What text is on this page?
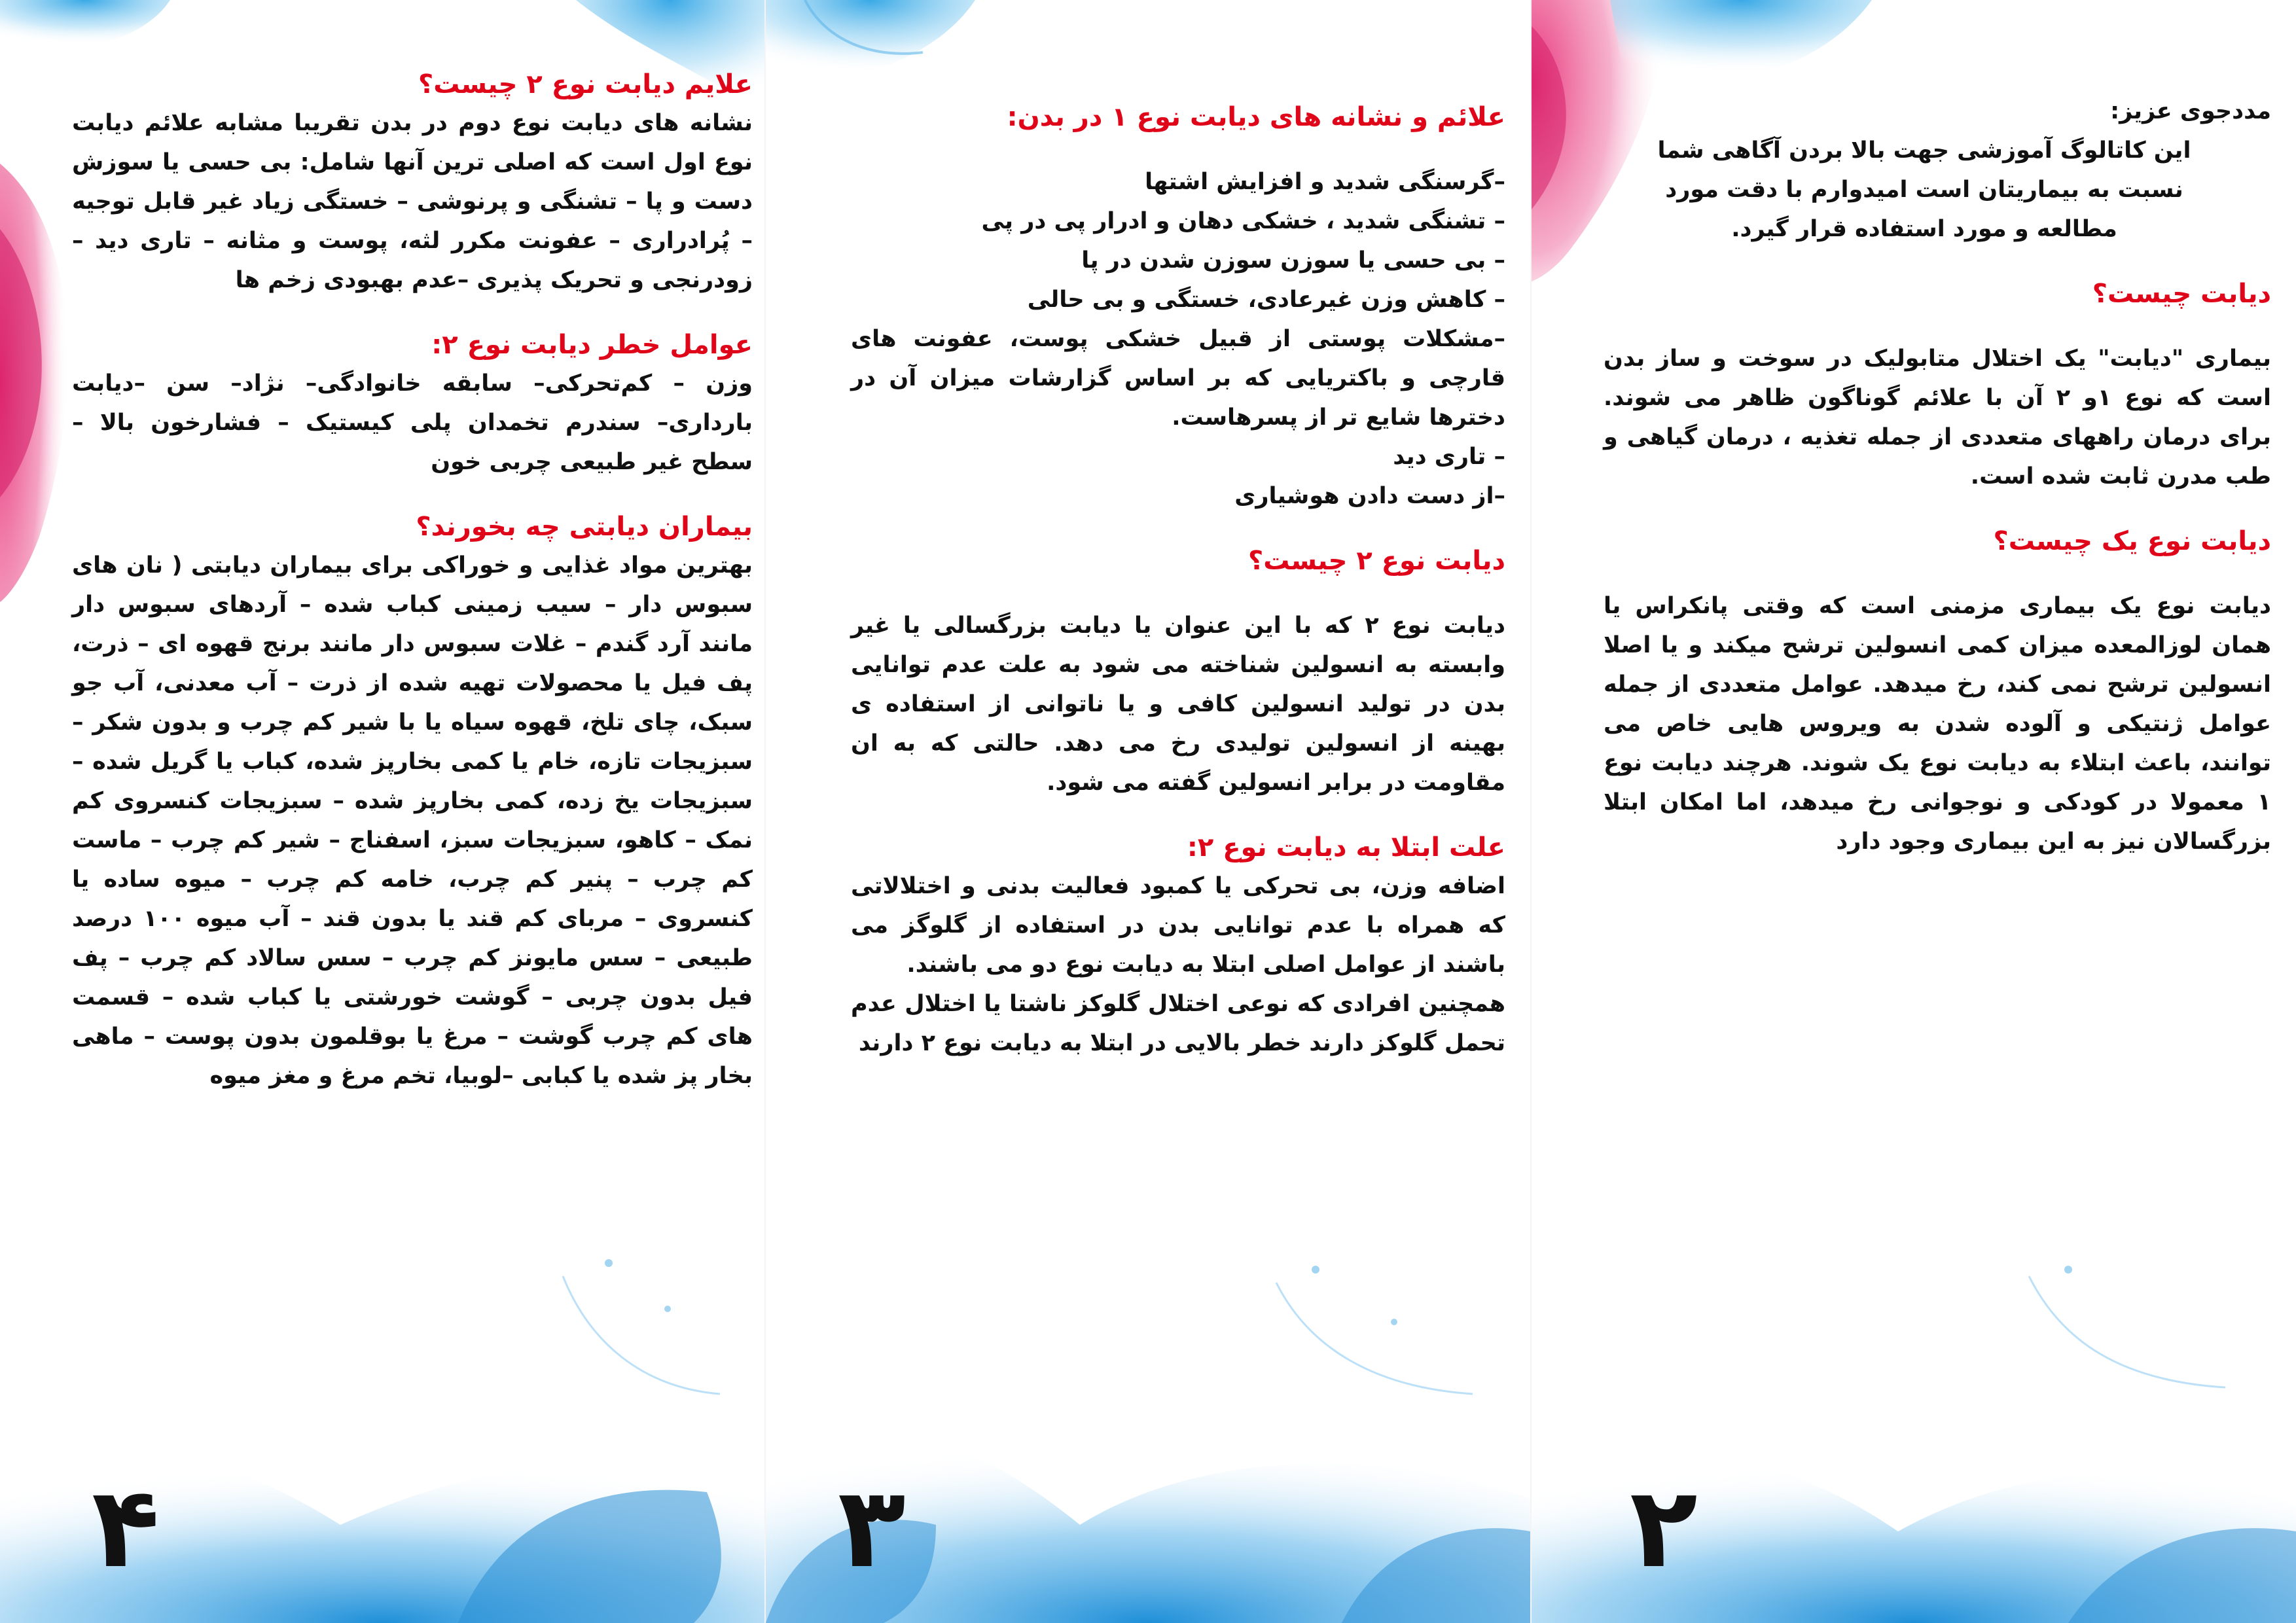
علایم دیابت نوع ۲ چیست؟

نشانه های دیابت نوع دوم در بدن تقریبا مشابه علائم دیابت نوع اول است که اصلی ترین آنها شامل: بی حسی یا سوزش دست و پا – تشنگی و پرنوشی – خستگی زیاد غیر قابل توجیه – پُرادراری – عفونت مکرر لثه، پوست و مثانه – تاری دید – زودرنجی و تحریک پذیری –عدم بهبودی زخم ها

عوامل خطر دیابت نوع ۲:

وزن – کم‌تحرکی– سابقه خانوادگی– نژاد– سن –دیابت بارداری– سندرم تخمدان پلی کیستیک – فشارخون بالا – سطح غیر طبیعی چربی خون

بیماران دیابتی چه بخورند؟

بهترین مواد غذایی و خوراکی برای بیماران دیابتی ( نان های سبوس دار – سیب زمینی کباب شده – آردهای سبوس دار مانند آرد گندم – غلات سبوس دار مانند برنج قهوه ای – ذرت، پف فیل یا محصولات تهیه شده از ذرت – آب معدنی، آب جو سبک، چای تلخ، قهوه سیاه یا با شیر کم چرب و بدون شکر – سبزیجات تازه، خام یا کمی بخارپز شده، کباب یا گریل شده – سبزیجات یخ زده، کمی بخارپز شده – سبزیجات کنسروی کم نمک – کاهو، سبزیجات سبز، اسفناج – شیر کم چرب – ماست کم چرب – پنیر کم چرب، خامه کم چرب – میوه ساده یا کنسروی – مربای کم قند یا بدون قند – آب میوه ۱۰۰ درصد طبیعی – سس مایونز کم چرب – سس سالاد کم چرب – پف فیل بدون چربی – گوشت خورشتی یا کباب شده – قسمت های کم چرب گوشت – مرغ یا بوقلمون بدون پوست – ماهی بخار پز شده یا کبابی –لوبیا، تخم مرغ و مغز میوه

۴
علائم و نشانه های دیابت نوع ۱ در بدن:

–گرسنگی شدید و افزایش اشتها

– تشنگی شدید ، خشکی دهان و ادرار پی در پی

– بی حسی یا سوزن سوزن شدن در پا

– کاهش وزن غیرعادی، خستگی و بی حالی

–مشکلات پوستی از قبیل خشکی پوست، عفونت های قارچی و باکتریایی که بر اساس گزارشات میزان آن در دخترها شایع تر از پسرهاست.

– تاری دید

–از دست دادن هوشیاری

دیابت نوع ۲ چیست؟

دیابت نوع ۲ که با این عنوان یا دیابت بزرگسالی یا غیر وابسته به انسولین شناخته می شود به علت عدم توانایی بدن در تولید انسولین کافی و یا ناتوانی از استفاده ی بهینه از انسولین تولیدی رخ می دهد. حالتی که به ان مقاومت در برابر انسولین گفته می شود.

علت ابتلا به دیابت نوع ۲:

اضافه وزن، بی تحرکی یا کمبود فعالیت بدنی و اختلالاتی که همراه با عدم توانایی بدن در استفاده از گلوگز می باشند از عوامل اصلی ابتلا به دیابت نوع دو می باشند.

همچنین افرادی که نوعی اختلال گلوکز ناشتا یا اختلال عدم تحمل گلوکز دارند خطر بالایی در ابتلا به دیابت نوع ۲ دارند

۳

مددجوی عزیز:

این کاتالوگ آموزشی جهت بالا بردن آگاهی شما نسبت به بیماریتان است امیدوارم با دقت مورد مطالعه و مورد استفاده قرار گیرد.

دیابت چیست؟

بیماری "دیابت" یک اختلال متابولیک در سوخت و ساز بدن است که نوع ۱و ۲ آن با علائم گوناگون ظاهر می شوند. برای درمان راههای متعددی از جمله تغذیه ، درمان گیاهی و طب مدرن ثابت شده است.

دیابت نوع یک چیست؟

دیابت نوع یک بیماری مزمنی است که وقتی پانکراس یا همان لوزالمعده میزان کمی انسولین ترشح میکند و یا اصلا انسولین ترشح نمی کند، رخ میدهد. عوامل متعددی از جمله عوامل ژنتیکی و آلوده شدن به ویروس هایی خاص می توانند، باعث ابتلاء به دیابت نوع یک شوند. هرچند دیابت نوع ۱ معمولا در کودکی و نوجوانی رخ میدهد، اما امکان ابتلا بزرگسالان نیز به این بیماری وجود دارد

۲
